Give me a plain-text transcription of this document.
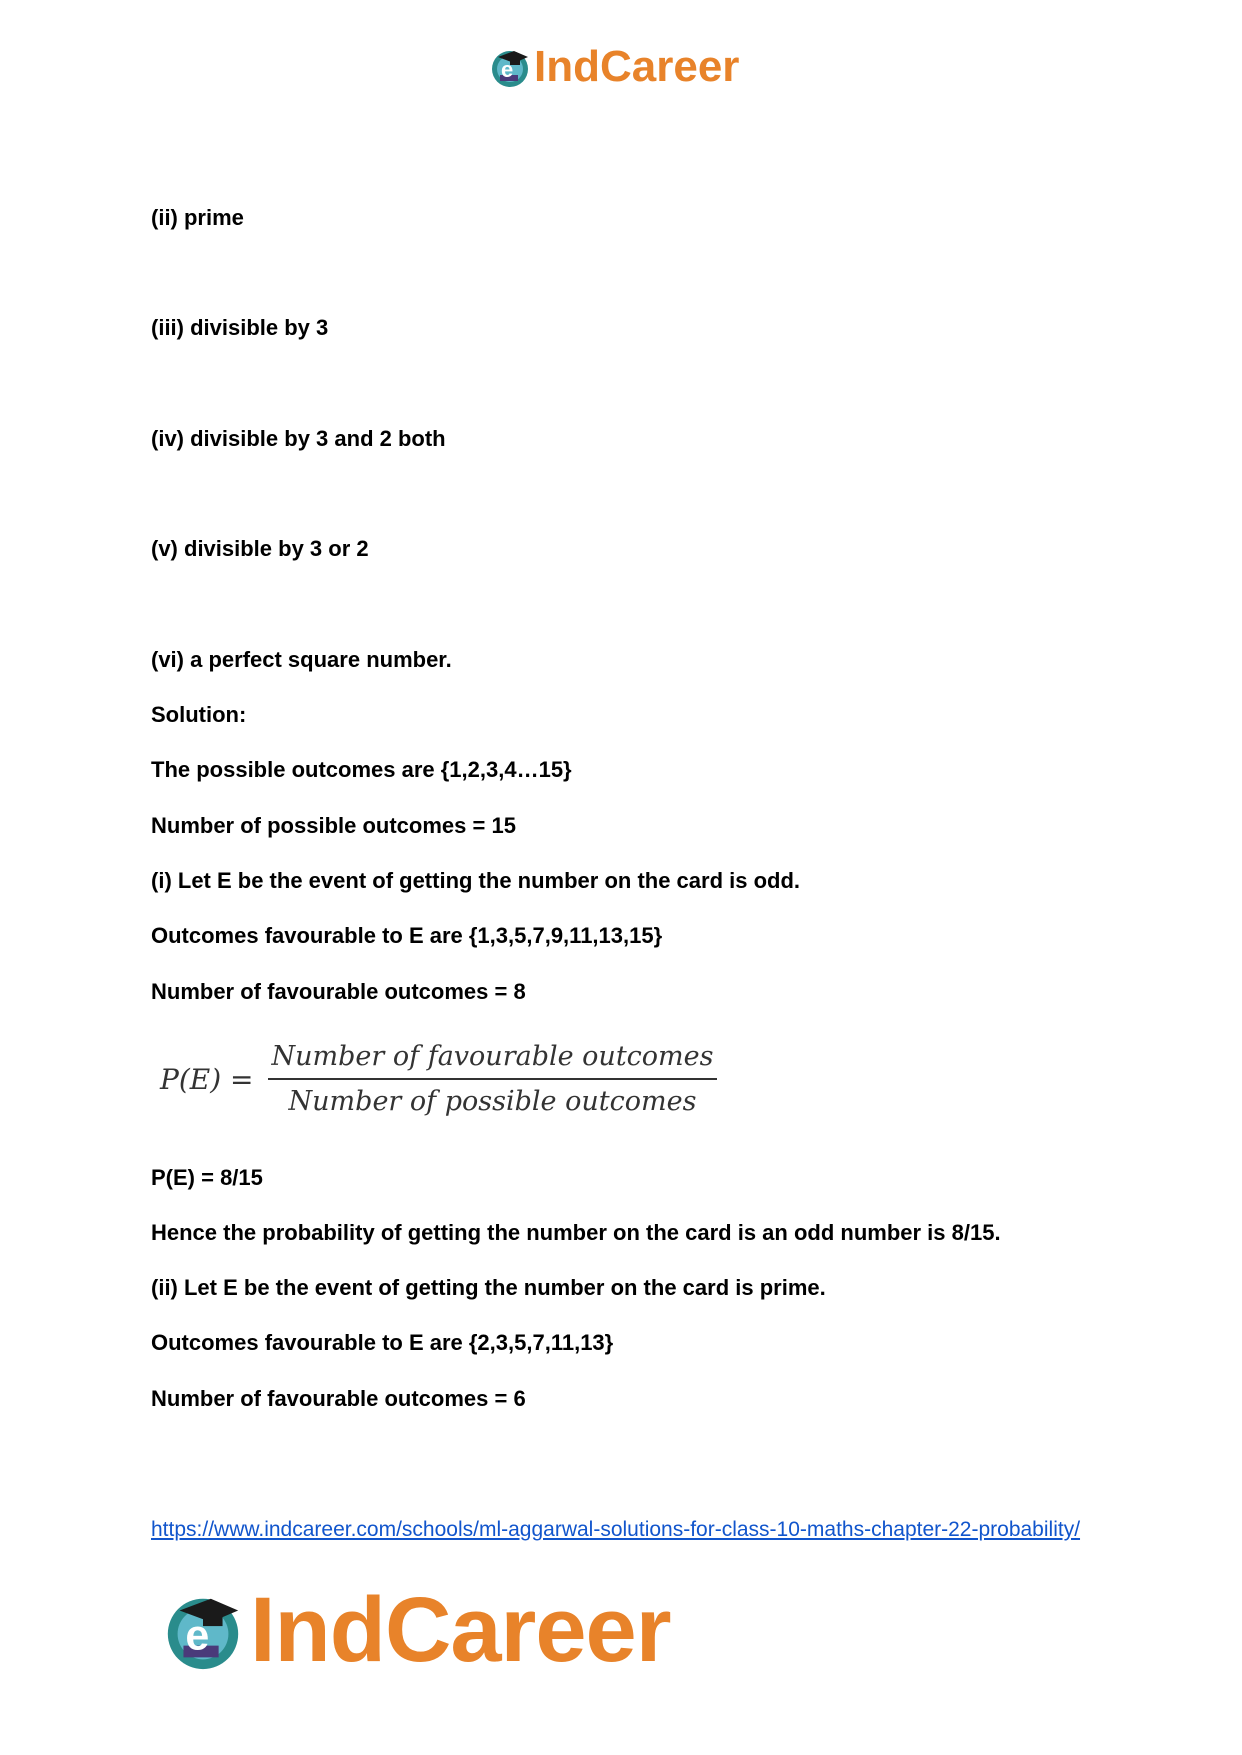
e IndCareer
(ii) prime
(iii) divisible by 3
(iv) divisible by 3 and 2 both
(v) divisible by 3 or 2
(vi) a perfect square number.
Solution:
The possible outcomes are {1,2,3,4…15}
Number of possible outcomes = 15
(i) Let E be the event of getting the number on the card is odd.
Outcomes favourable to E are {1,3,5,7,9,11,13,15}
Number of favourable outcomes = 8
$P(E) = \frac{\text{Number of favourable outcomes}}{\text{Number of possible outcomes}}$
P(E) = 8/15
Hence the probability of getting the number on the card is an odd number is 8/15.
(ii) Let E be the event of getting the number on the card is prime.
Outcomes favourable to E are {2,3,5,7,11,13}
Number of favourable outcomes = 6
https://www.indcareer.com/schools/ml-aggarwal-solutions-for-class-10-maths-chapter-22-probability/
e IndCareer
